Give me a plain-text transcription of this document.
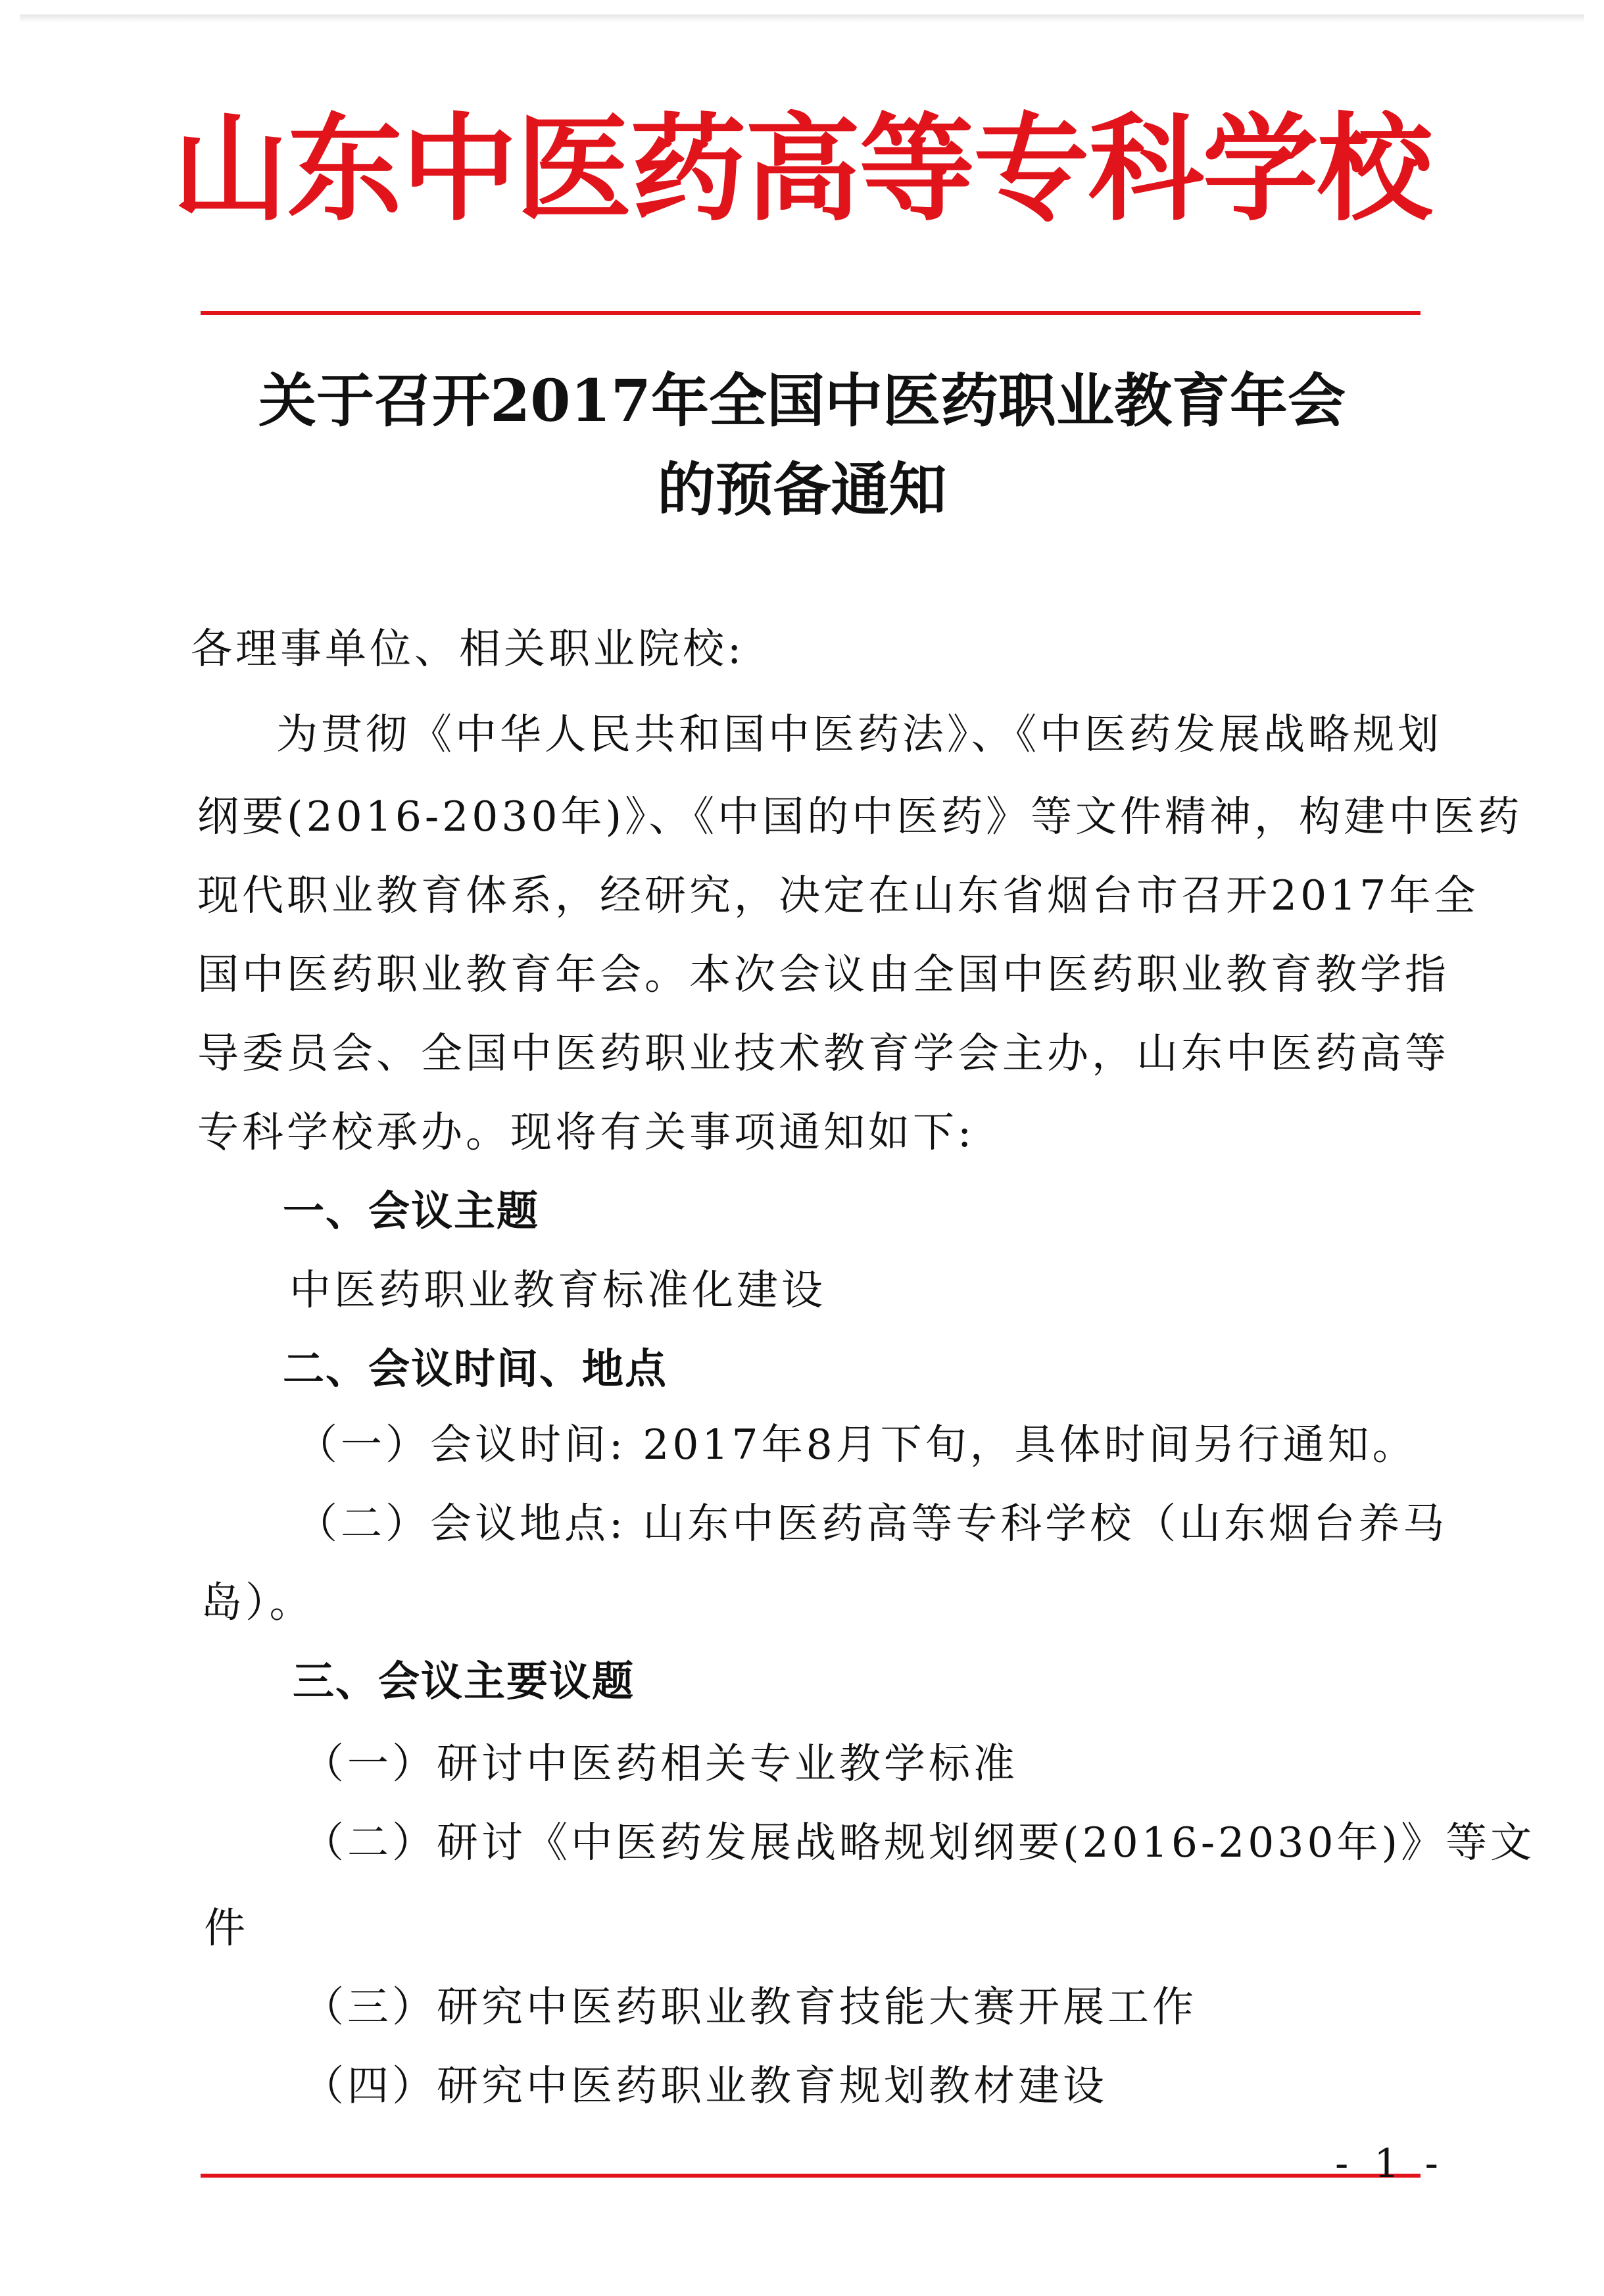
山东中医药高等专科学校
关于召开2017年全国中医药职业教育年会
的预备通知
各理事单位、相关职业院校:
为贯彻《中华人民共和国中医药法》、《中医药发展战略规划
纲要(2016-2030年)》、《中国的中医药》等文件精神，构建中医药
现代职业教育体系，经研究，决定在山东省烟台市召开2017年全
国中医药职业教育年会。本次会议由全国中医药职业教育教学指
导委员会、全国中医药职业技术教育学会主办，山东中医药高等
专科学校承办。现将有关事项通知如下:
一、会议主题
中医药职业教育标准化建设
二、会议时间、地点
（一）会议时间: 2017年8月下旬，具体时间另行通知。
（二）会议地点: 山东中医药高等专科学校（山东烟台养马
岛）。
三、会议主要议题
（一）研讨中医药相关专业教学标准
（二）研讨《中医药发展战略规划纲要(2016-2030年)》等文
件
（三）研究中医药职业教育技能大赛开展工作
（四）研究中医药职业教育规划教材建设
- 1 -
